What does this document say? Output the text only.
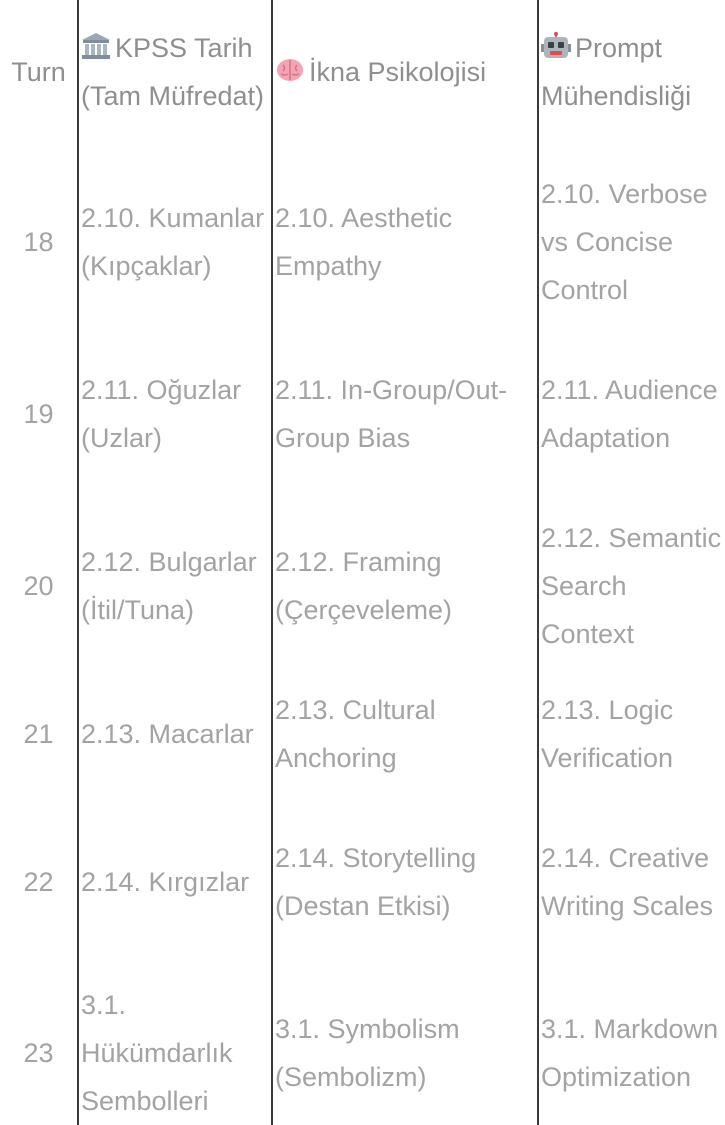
Turn	KPSS Tarih (Tam Müfredat)	İkna Psikolojisi	Prompt Mühendisliği
18	2.10. Kumanlar (Kıpçaklar)	2.10. Aesthetic Empathy	2.10. Verbose vs Concise Control
19	2.11. Oğuzlar (Uzlar)	2.11. In-Group/Out-Group Bias	2.11. Audience Adaptation
20	2.12. Bulgarlar (İtil/Tuna)	2.12. Framing (Çerçeveleme)	2.12. Semantic Search Context
21	2.13. Macarlar	2.13. Cultural Anchoring	2.13. Logic Verification
22	2.14. Kırgızlar	2.14. Storytelling (Destan Etkisi)	2.14. Creative Writing Scales
23	3.1. Hükümdarlık Sembolleri	3.1. Symbolism (Sembolizm)	3.1. Markdown Optimization
